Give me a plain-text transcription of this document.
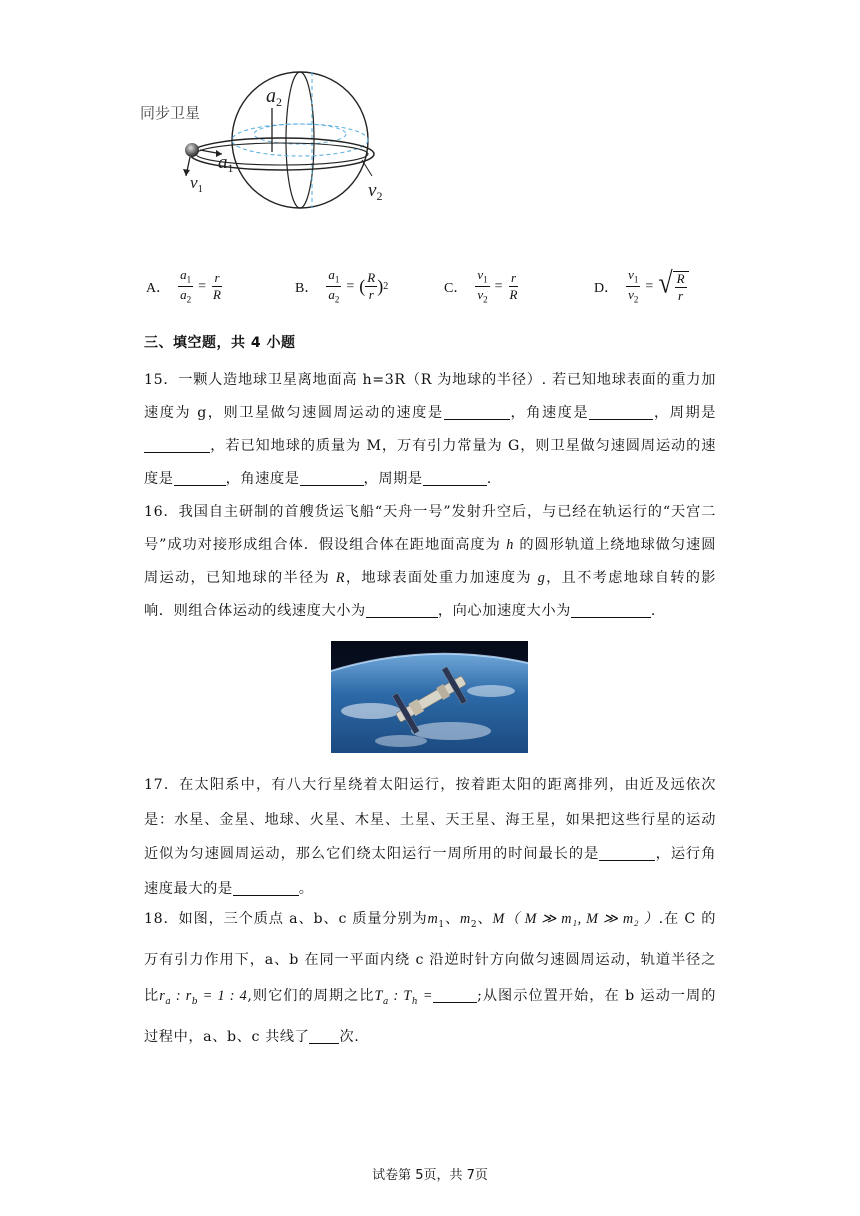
同步卫星
$a_2$
$a_1$
$v_1$	$v_2$
A． $\frac{a_1}{a_2} = \frac{r}{R}$	B． $\frac{a_1}{a_2}$ = ( $\frac{R}{r}$ ) 2	C． $\frac{v_1}{v_2} = \frac{r}{R}$	D． $\frac{v_1}{v_2}$ = √ $\frac{R}{r}$
三、填空题，共 4 小题
15．一颗人造地球卫星离地面高 h=3R（R 为地球的半径）. 若已知地球表面的重力加速度为 g，则卫星做匀速圆周运动的速度是	，角速度是	，周期是，若已知地球的质量为 M，万有引力常量为 G，则卫星做匀速圆周运动的速度是	，角速度是	，周期是	.
16．我国自主研制的首艘货运飞船“天舟一号”发射升空后，与已经在轨运行的“天宫二号”成功对接形成组合体．假设组合体在距地面高度为 h 的圆形轨道上绕地球做匀速圆周运动，已知地球的半径为 R，地球表面处重力加速度为 g，且不考虑地球自转的影响．则组合体运动的线速度大小为	，向心加速度大小为	.
17．在太阳系中，有八大行星绕着太阳运行，按着距太阳的距离排列，由近及远依次是：水星、金星、地球、火星、木星、土星、天王星、海王星，如果把这些行星的运动近似为匀速圆周运动，那么它们绕太阳运行一周所用的时间最长的是	，运行角速度最大的是	。
18．如图，三个质点 a、b、c 质量分别为$m_1$、$m_2$、M（ M ≫ m₁, M ≫ m₂ ）.在 C 的万有引力作用下，a、b 在同一平面内绕 c 沿逆时针方向做匀速圆周运动，轨道半径之比$r_a$ : $r_b = 1$ : 4,则它们的周期之比$T_a$ : $T_h$ =	;从图示位置开始，在 b 运动一周的过程中，a、b、c 共线了 次.
试卷第 5页，共 7页
